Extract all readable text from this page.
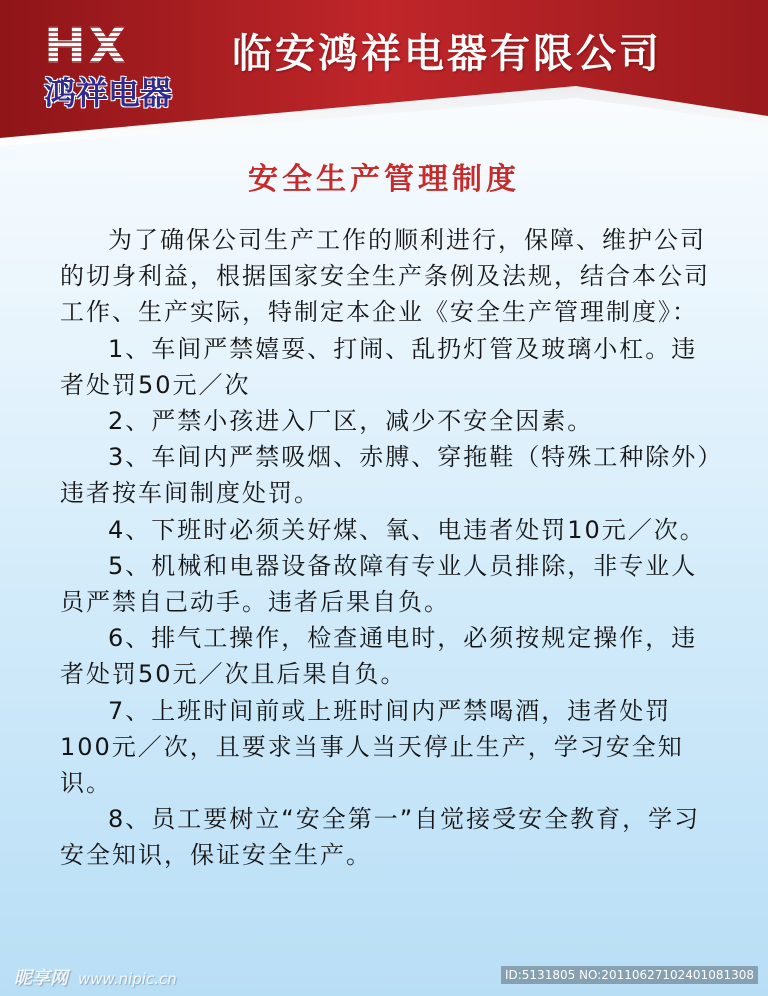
HX
鸿祥电器
临安鸿祥电器有限公司
安全生产管理制度

为了确保公司生产工作的顺利进行，保障、维护公司的切身利益，根据国家安全生产条例及法规，结合本公司工作、生产实际，特制定本企业《安全生产管理制度》：

1、车间严禁嬉耍、打闹、乱扔灯管及玻璃小杠。违者处罚50元／次

2、严禁小孩进入厂区，减少不安全因素。

3、车间内严禁吸烟、赤膊、穿拖鞋（特殊工种除外）违者按车间制度处罚。

4、下班时必须关好煤、氧、电违者处罚10元／次。

5、机械和电器设备故障有专业人员排除，非专业人员严禁自己动手。违者后果自负。

6、排气工操作，检查通电时，必须按规定操作，违者处罚50元／次且后果自负。

7、上班时间前或上班时间内严禁喝酒，违者处罚100元／次，且要求当事人当天停止生产，学习安全知识。

8、员工要树立“安全第一”自觉接受安全教育，学习安全知识，保证安全生产。

昵享网 www.nipic.cn	ID:5131805 NO:20110627102401081308
